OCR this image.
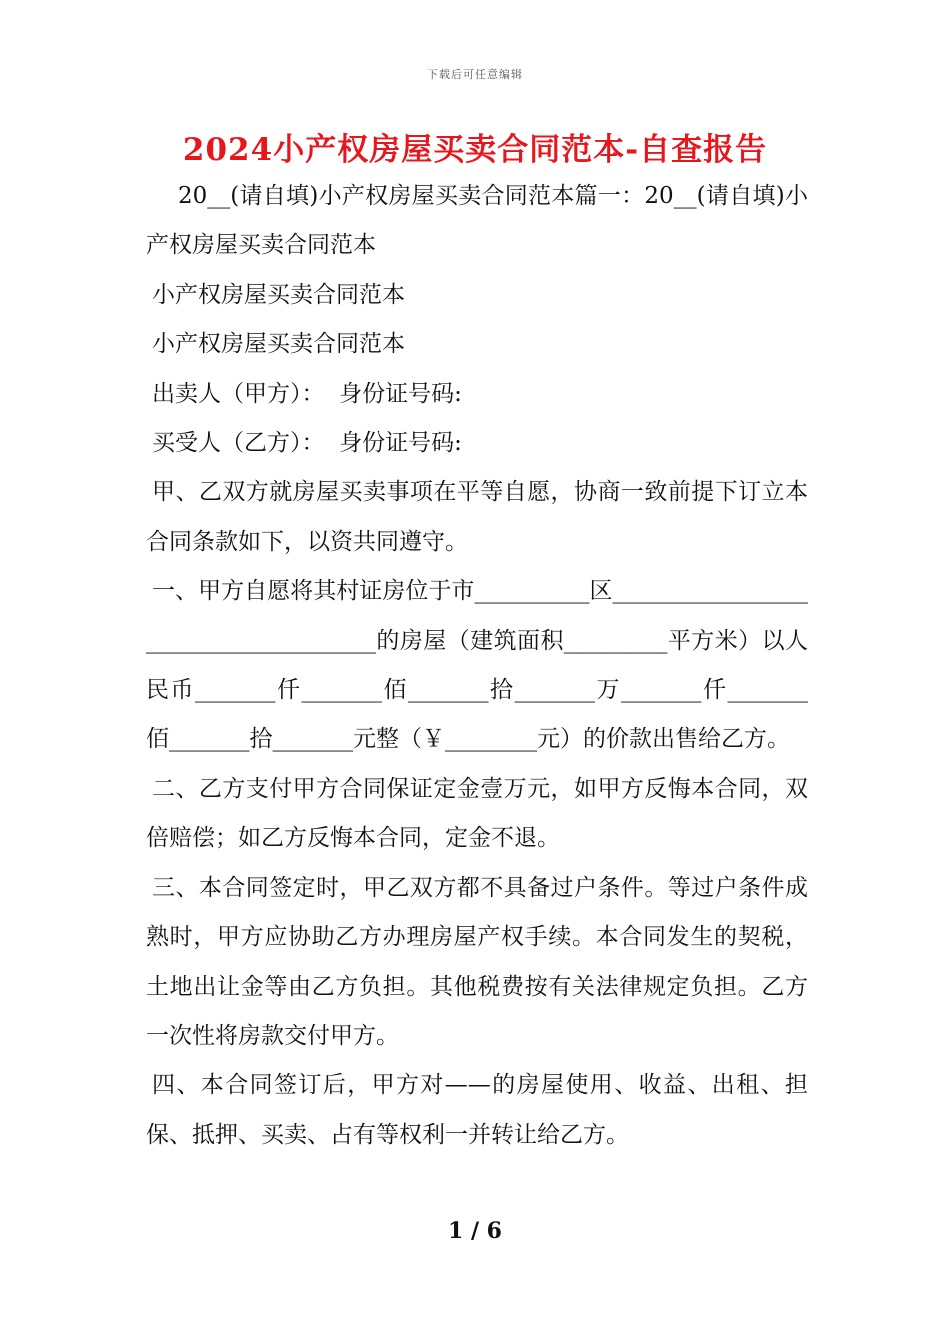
下载后可任意编辑
2024小产权房屋买卖合同范本-自查报告

20__(请自填)小产权房屋买卖合同范本篇一：20__(请自填)小产权房屋买卖合同范本

小产权房屋买卖合同范本

小产权房屋买卖合同范本

出卖人（甲方）：  身份证号码:

买受人（乙方）：  身份证号码:

甲、乙双方就房屋买卖事项在平等自愿，协商一致前提下订立本合同条款如下，以资共同遵守。

一、甲方自愿将其村证房位于市__________区_____________________________________的房屋（建筑面积_________平方米）以人民币_______仟_______佰_______拾_______万_______仟_______佰_______拾_______元整（￥________元）的价款出售给乙方。

二、乙方支付甲方合同保证定金壹万元，如甲方反悔本合同，双倍赔偿；如乙方反悔本合同，定金不退。

三、本合同签定时，甲乙双方都不具备过户条件。等过户条件成熟时，甲方应协助乙方办理房屋产权手续。本合同发生的契税，土地出让金等由乙方负担。其他税费按有关法律规定负担。乙方一次性将房款交付甲方。

四、本合同签订后，甲方对——的房屋使用、收益、出租、担保、抵押、买卖、占有等权利一并转让给乙方。

1 / 6
